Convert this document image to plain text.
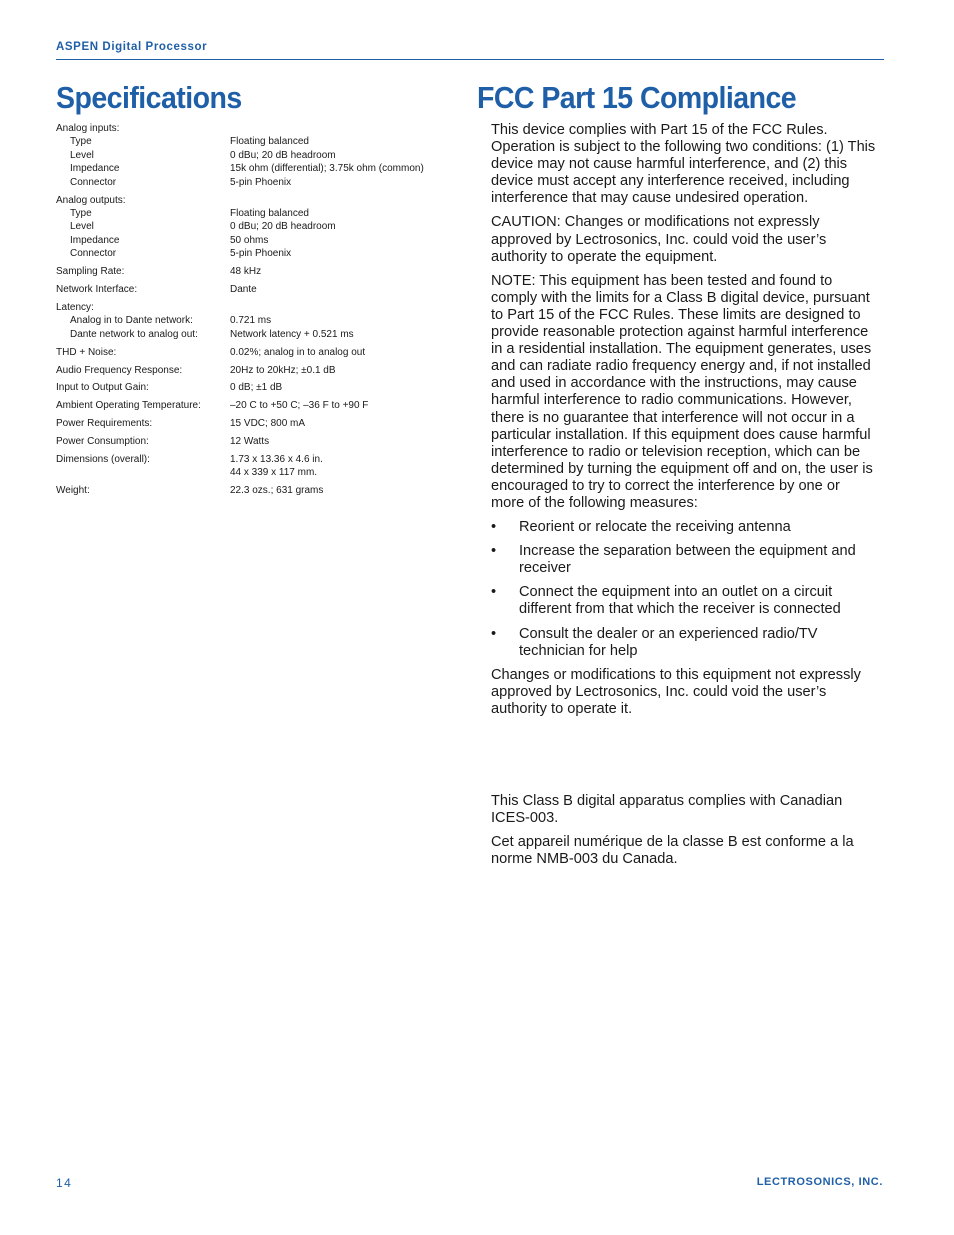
ASPEN Digital Processor
Specifications	FCC Part 15 Compliance
Analog inputs:
Type	Floating balanced
Level	0 dBu; 20 dB headroom
Impedance	15k ohm (differential); 3.75k ohm (common)
Connector	5-pin Phoenix
Analog outputs:
Type	Floating balanced
Level	0 dBu; 20 dB headroom
Impedance	50 ohms
Connector	5-pin Phoenix
Sampling Rate:	48 kHz
Network Interface:	Dante
Latency:
Analog in to Dante network:	0.721 ms
Dante network to analog out:	Network latency + 0.521 ms
THD + Noise:	0.02%; analog in to analog out
Audio Frequency Response:	20Hz to 20kHz; ±0.1 dB
Input to Output Gain:	0 dB; ±1 dB
Ambient Operating Temperature:	–20 C to +50 C; –36 F to +90 F
Power Requirements:	15 VDC; 800 mA
Power Consumption:	12 Watts
Dimensions (overall):	1.73 x 13.36 x 4.6 in.
44 x 339 x 117 mm.
Weight:	22.3 ozs.; 631 grams

This device complies with Part 15 of the FCC Rules. Operation is subject to the following two conditions: (1) This device may not cause harmful interference, and (2) this device must accept any interference received, including interference that may cause undesired operation.

CAUTION: Changes or modifications not expressly approved by Lectrosonics, Inc. could void the user’s authority to operate the equipment.

NOTE: This equipment has been tested and found to comply with the limits for a Class B digital device, pursuant to Part 15 of the FCC Rules. These limits are designed to provide reasonable protection against harmful interference in a residential installation. The equipment generates, uses and can radiate radio frequency energy and, if not installed and used in accordance with the instructions, may cause harmful interference to radio communications. However, there is no guarantee that interference will not occur in a particular installation. If this equipment does cause harmful interference to radio or television reception, which can be determined by turning the equipment off and on, the user is encouraged to try to correct the interference by one or more of the following measures:

•	Reorient or relocate the receiving antenna
•	Increase the separation between the equipment and receiver
•	Connect the equipment into an outlet on a circuit different from that which the receiver is connected
•	Consult the dealer or an experienced radio/TV technician for help

Changes or modifications to this equipment not expressly approved by Lectrosonics, Inc. could void the user’s authority to operate it.

This Class B digital apparatus complies with Canadian ICES-003.

Cet appareil numérique de la classe B est conforme a la norme NMB-003 du Canada.

14	LECTROSONICS, INC.
